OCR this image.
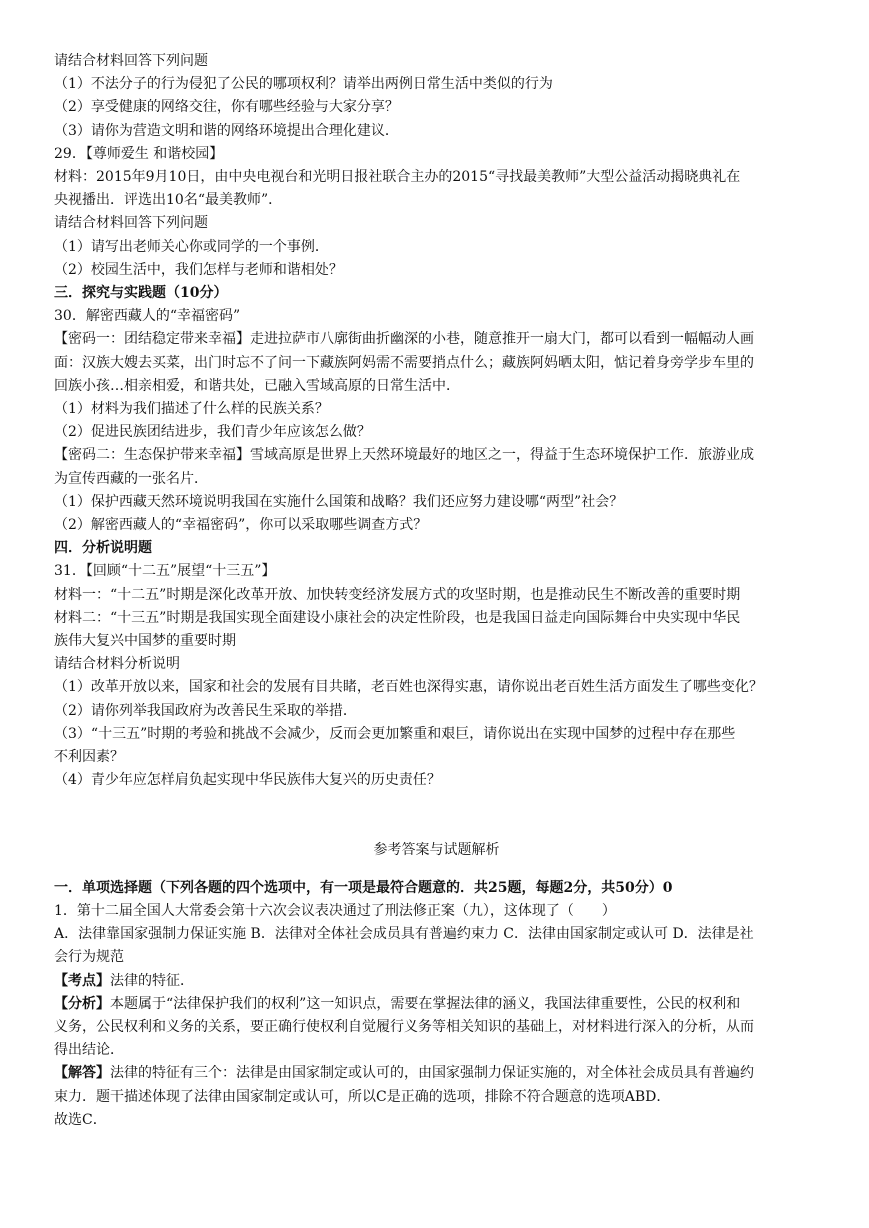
请结合材料回答下列问题

（1）不法分子的行为侵犯了公民的哪项权利？请举出两例日常生活中类似的行为

（2）享受健康的网络交往，你有哪些经验与大家分享？

（3）请你为营造文明和谐的网络环境提出合理化建议．

29．【尊师爱生 和谐校园】

材料：2015年9月10日，由中央电视台和光明日报社联合主办的2015“寻找最美教师”大型公益活动揭晓典礼在

央视播出．评选出10名“最美教师”．

请结合材料回答下列问题

（1）请写出老师关心你或同学的一个事例．

（2）校园生活中，我们怎样与老师和谐相处？

三．探究与实践题（10分）

30．解密西藏人的“幸福密码”

【密码一：团结稳定带来幸福】走进拉萨市八廓街曲折幽深的小巷，随意推开一扇大门，都可以看到一幅幅动人画

面：汉族大嫂去买菜，出门时忘不了问一下藏族阿妈需不需要捎点什么；藏族阿妈晒太阳，惦记着身旁学步车里的

回族小孩…相亲相爱，和谐共处，已融入雪域高原的日常生活中．

（1）材料为我们描述了什么样的民族关系？

（2）促进民族团结进步，我们青少年应该怎么做？

【密码二：生态保护带来幸福】雪域高原是世界上天然环境最好的地区之一，得益于生态环境保护工作．旅游业成

为宣传西藏的一张名片．

（1）保护西藏天然环境说明我国在实施什么国策和战略？我们还应努力建设哪“两型”社会？

（2）解密西藏人的“幸福密码”，你可以采取哪些调查方式？

四．分析说明题

31．【回顾“十二五”展望“十三五”】

材料一：“十二五”时期是深化改革开放、加快转变经济发展方式的攻坚时期，也是推动民生不断改善的重要时期

材料二：“十三五”时期是我国实现全面建设小康社会的决定性阶段，也是我国日益走向国际舞台中央实现中华民

族伟大复兴中国梦的重要时期

请结合材料分析说明

（1）改革开放以来，国家和社会的发展有目共睹，老百姓也深得实惠，请你说出老百姓生活方面发生了哪些变化？

（2）请你列举我国政府为改善民生采取的举措．

（3）“十三五”时期的考验和挑战不会减少，反而会更加繁重和艰巨，请你说出在实现中国梦的过程中存在那些

不利因素？

（4）青少年应怎样肩负起实现中华民族伟大复兴的历史责任？

参考答案与试题解析

一．单项选择题（下列各题的四个选项中，有一项是最符合题意的．共25题，每题2分，共50分）0

1．第十二届全国人大常委会第十六次会议表决通过了刑法修正案（九），这体现了（　　）

A．法律靠国家强制力保证实施 B．法律对全体社会成员具有普遍约束力 C．法律由国家制定或认可 D．法律是社

会行为规范

【考点】法律的特征．

【分析】本题属于“法律保护我们的权利”这一知识点，需要在掌握法律的涵义，我国法律重要性，公民的权利和

义务，公民权利和义务的关系，要正确行使权利自觉履行义务等相关知识的基础上，对材料进行深入的分析，从而

得出结论．

【解答】法律的特征有三个：法律是由国家制定或认可的，由国家强制力保证实施的，对全体社会成员具有普遍约

束力．题干描述体现了法律由国家制定或认可，所以C是正确的选项，排除不符合题意的选项ABD．

故选C．
